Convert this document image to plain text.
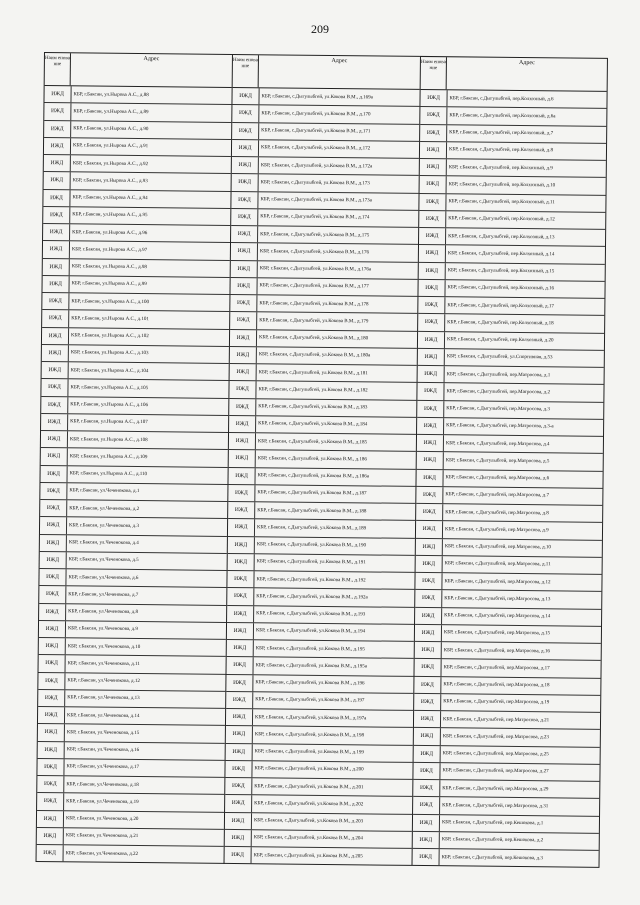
209
Наим енова ние
Адрес
ИЖД	КБР, г.Баксан, ул.Нырова А.С., д.88
ИЖД	КБР, г.Баксан, ул.Нырова А.С., д.89
ИЖД	КБР, г.Баксан, ул.Нырова А.С., д.90
ИЖД	КБР, г.Баксан, ул.Нырова А.С., д.91
ИЖД	КБР, г.Баксан, ул.Нырова А.С., д.92
ИЖД	КБР, г.Баксан, ул.Нырова А.С., д.93
ИЖД	КБР, г.Баксан, ул.Нырова А.С., д.94
ИЖД	КБР, г.Баксан, ул.Нырова А.С., д.95
ИЖД	КБР, г.Баксан, ул.Нырова А.С., д.96
ИЖД	КБР, г.Баксан, ул.Нырова А.С., д.97
ИЖД	КБР, г.Баксан, ул.Нырова А.С., д.98
ИЖД	КБР, г.Баксан, ул.Нырова А.С., д.99
ИЖД	КБР, г.Баксан, ул.Нырова А.С., д.100
ИЖД	КБР, г.Баксан, ул.Нырова А.С., д.101
ИЖД	КБР, г.Баксан, ул.Нырова А.С., д.102
ИЖД	КБР, г.Баксан, ул.Нырова А.С., д.103
ИЖД	КБР, г.Баксан, ул.Нырова А.С., д.104
ИЖД	КБР, г.Баксан, ул.Нырова А.С., д.105
ИЖД	КБР, г.Баксан, ул.Нырова А.С., д.106
ИЖД	КБР, г.Баксан, ул.Нырова А.С., д.107
ИЖД	КБР, г.Баксан, ул.Нырова А.С., д.108
ИЖД	КБР, г.Баксан, ул.Нырова А.С., д.109
ИЖД	КБР, г.Баксан, ул.Нырова А.С., д.110
ИЖД	КБР, г.Баксан, ул.Чеченокова, д.1
ИЖД	КБР, г.Баксан, ул.Чеченокова, д.2
ИЖД	КБР, г.Баксан, ул.Чеченокова, д.3
ИЖД	КБР, г.Баксан, ул.Чеченокова, д.4
ИЖД	КБР, г.Баксан, ул.Чеченокова, д.5
ИЖД	КБР, г.Баксан, ул.Чеченокова, д.6
ИЖД	КБР, г.Баксан, ул.Чеченокова, д.7
ИЖД	КБР, г.Баксан, ул.Чеченокова, д.8
ИЖД	КБР, г.Баксан, ул.Чеченокова, д.9
ИЖД	КБР, г.Баксан, ул.Чеченокова, д.10
ИЖД	КБР, г.Баксан, ул.Чеченокова, д.11
ИЖД	КБР, г.Баксан, ул.Чеченокова, д.12
ИЖД	КБР, г.Баксан, ул.Чеченокова, д.13
ИЖД	КБР, г.Баксан, ул.Чеченокова, д.14
ИЖД	КБР, г.Баксан, ул.Чеченокова, д.15
ИЖД	КБР, г.Баксан, ул.Чеченокова, д.16
ИЖД	КБР, г.Баксан, ул.Чеченокова, д.17
ИЖД	КБР, г.Баксан, ул.Чеченокова, д.18
ИЖД	КБР, г.Баксан, ул.Чеченокова, д.19
ИЖД	КБР, г.Баксан, ул.Чеченокова, д.20
ИЖД	КБР, г.Баксан, ул.Чеченокова, д.21
ИЖД	КБР, г.Баксан, ул.Чеченокова, д.22
Наим енова ние
Адрес
ИЖД	КБР, г.Баксан, с.Дыгулыбгей, ул.Кокова В.М., д.169а
ИЖД	КБР, г.Баксан, с.Дыгулыбгей, ул.Кокова В.М., д.170
ИЖД	КБР, г.Баксан, с.Дыгулыбгей, ул.Кокова В.М., д.171
ИЖД	КБР, г.Баксан, с.Дыгулыбгей, ул.Кокова В.М., д.172
ИЖД	КБР, г.Баксан, с.Дыгулыбгей, ул.Кокова В.М., д.172а
ИЖД	КБР, г.Баксан, с.Дыгулыбгей, ул.Кокова В.М., д.173
ИЖД	КБР, г.Баксан, с.Дыгулыбгей, ул.Кокова В.М., д.173а
ИЖД	КБР, г.Баксан, с.Дыгулыбгей, ул.Кокова В.М., д.174
ИЖД	КБР, г.Баксан, с.Дыгулыбгей, ул.Кокова В.М., д.175
ИЖД	КБР, г.Баксан, с.Дыгулыбгей, ул.Кокова В.М., д.176
ИЖД	КБР, г.Баксан, с.Дыгулыбгей, ул.Кокова В.М., д.176а
ИЖД	КБР, г.Баксан, с.Дыгулыбгей, ул.Кокова В.М., д.177
ИЖД	КБР, г.Баксан, с.Дыгулыбгей, ул.Кокова В.М., д.178
ИЖД	КБР, г.Баксан, с.Дыгулыбгей, ул.Кокова В.М., д.179
ИЖД	КБР, г.Баксан, с.Дыгулыбгей, ул.Кокова В.М., д.180
ИЖД	КБР, г.Баксан, с.Дыгулыбгей, ул.Кокова В.М., д.180а
ИЖД	КБР, г.Баксан, с.Дыгулыбгей, ул.Кокова В.М., д.181
ИЖД	КБР, г.Баксан, с.Дыгулыбгей, ул.Кокова В.М., д.182
ИЖД	КБР, г.Баксан, с.Дыгулыбгей, ул.Кокова В.М., д.183
ИЖД	КБР, г.Баксан, с.Дыгулыбгей, ул.Кокова В.М., д.184
ИЖД	КБР, г.Баксан, с.Дыгулыбгей, ул.Кокова В.М., д.185
ИЖД	КБР, г.Баксан, с.Дыгулыбгей, ул.Кокова В.М., д.186
ИЖД	КБР, г.Баксан, с.Дыгулыбгей, ул.Кокова В.М., д.186а
ИЖД	КБР, г.Баксан, с.Дыгулыбгей, ул.Кокова В.М., д.187
ИЖД	КБР, г.Баксан, с.Дыгулыбгей, ул.Кокова В.М., д.188
ИЖД	КБР, г.Баксан, с.Дыгулыбгей, ул.Кокова В.М., д.189
ИЖД	КБР, г.Баксан, с.Дыгулыбгей, ул.Кокова В.М., д.190
ИЖД	КБР, г.Баксан, с.Дыгулыбгей, ул.Кокова В.М., д.191
ИЖД	КБР, г.Баксан, с.Дыгулыбгей, ул.Кокова В.М., д.192
ИЖД	КБР, г.Баксан, с.Дыгулыбгей, ул.Кокова В.М., д.192а
ИЖД	КБР, г.Баксан, с.Дыгулыбгей, ул.Кокова В.М., д.193
ИЖД	КБР, г.Баксан, с.Дыгулыбгей, ул.Кокова В.М., д.194
ИЖД	КБР, г.Баксан, с.Дыгулыбгей, ул.Кокова В.М., д.195
ИЖД	КБР, г.Баксан, с.Дыгулыбгей, ул.Кокова В.М., д.195а
ИЖД	КБР, г.Баксан, с.Дыгулыбгей, ул.Кокова В.М., д.196
ИЖД	КБР, г.Баксан, с.Дыгулыбгей, ул.Кокова В.М., д.197
ИЖД	КБР, г.Баксан, с.Дыгулыбгей, ул.Кокова В.М., д.197а
ИЖД	КБР, г.Баксан, с.Дыгулыбгей, ул.Кокова В.М., д.198
ИЖД	КБР, г.Баксан, с.Дыгулыбгей, ул.Кокова В.М., д.199
ИЖД	КБР, г.Баксан, с.Дыгулыбгей, ул.Кокова В.М., д.200
ИЖД	КБР, г.Баксан, с.Дыгулыбгей, ул.Кокова В.М., д.201
ИЖД	КБР, г.Баксан, с.Дыгулыбгей, ул.Кокова В.М., д.202
ИЖД	КБР, г.Баксан, с.Дыгулыбгей, ул.Кокова В.М., д.203
ИЖД	КБР, г.Баксан, с.Дыгулыбгей, ул.Кокова В.М., д.204
ИЖД	КБР, г.Баксан, с.Дыгулыбгей, ул.Кокова В.М., д.205
Наим енова ние
Адрес
ИЖД	КБР, г.Баксан, с.Дыгулыбгей, пер.Колхозный, д.6
ИЖД	КБР, г.Баксан, с.Дыгулыбгей, пер.Колхозный, д.6а
ИЖД	КБР, г.Баксан, с.Дыгулыбгей, пер.Колхозный, д.7
ИЖД	КБР, г.Баксан, с.Дыгулыбгей, пер.Колхозный, д.8
ИЖД	КБР, г.Баксан, с.Дыгулыбгей, пер.Колхозный, д.9
ИЖД	КБР, г.Баксан, с.Дыгулыбгей, пер.Колхозный, д.10
ИЖД	КБР, г.Баксан, с.Дыгулыбгей, пер.Колхозный, д.11
ИЖД	КБР, г.Баксан, с.Дыгулыбгей, пер.Колхозный, д.12
ИЖД	КБР, г.Баксан, с.Дыгулыбгей, пер.Колхозный, д.13
ИЖД	КБР, г.Баксан, с.Дыгулыбгей, пер.Колхозный, д.14
ИЖД	КБР, г.Баксан, с.Дыгулыбгей, пер.Колхозный, д.15
ИЖД	КБР, г.Баксан, с.Дыгулыбгей, пер.Колхозный, д.16
ИЖД	КБР, г.Баксан, с.Дыгулыбгей, пер.Колхозный, д.17
ИЖД	КБР, г.Баксан, с.Дыгулыбгей, пер.Колхозный, д.18
ИЖД	КБР, г.Баксан, с.Дыгулыбгей, пер.Колхозный, д.20
ИЖД	КБР, г.Баксан, с.Дыгулыбгей, ул.Спортивная, д.53
ИЖД	КБР, г.Баксан, с.Дыгулыбгей, пер.Матросова, д.1
ИЖД	КБР, г.Баксан, с.Дыгулыбгей, пер.Матросова, д.2
ИЖД	КБР, г.Баксан, с.Дыгулыбгей, пер.Матросова, д.3
ИЖД	КБР, г.Баксан, с.Дыгулыбгей, пер.Матросова, д.3-а
ИЖД	КБР, г.Баксан, с.Дыгулыбгей, пер.Матросова, д.4
ИЖД	КБР, г.Баксан, с.Дыгулыбгей, пер.Матросова, д.5
ИЖД	КБР, г.Баксан, с.Дыгулыбгей, пер.Матросова, д.6
ИЖД	КБР, г.Баксан, с.Дыгулыбгей, пер.Матросова, д.7
ИЖД	КБР, г.Баксан, с.Дыгулыбгей, пер.Матросова, д.8
ИЖД	КБР, г.Баксан, с.Дыгулыбгей, пер.Матросова, д.9
ИЖД	КБР, г.Баксан, с.Дыгулыбгей, пер.Матросова, д.10
ИЖД	КБР, г.Баксан, с.Дыгулыбгей, пер.Матросова, д.11
ИЖД	КБР, г.Баксан, с.Дыгулыбгей, пер.Матросова, д.12
ИЖД	КБР, г.Баксан, с.Дыгулыбгей, пер.Матросова, д.13
ИЖД	КБР, г.Баксан, с.Дыгулыбгей, пер.Матросова, д.14
ИЖД	КБР, г.Баксан, с.Дыгулыбгей, пер.Матросова, д.15
ИЖД	КБР, г.Баксан, с.Дыгулыбгей, пер.Матросова, д.16
ИЖД	КБР, г.Баксан, с.Дыгулыбгей, пер.Матросова, д.17
ИЖД	КБР, г.Баксан, с.Дыгулыбгей, пер.Матросова, д.18
ИЖД	КБР, г.Баксан, с.Дыгулыбгей, пер.Матросова, д.19
ИЖД	КБР, г.Баксан, с.Дыгулыбгей, пер.Матросова, д.21
ИЖД	КБР, г.Баксан, с.Дыгулыбгей, пер.Матросова, д.23
ИЖД	КБР, г.Баксан, с.Дыгулыбгей, пер.Матросова, д.25
ИЖД	КБР, г.Баксан, с.Дыгулыбгей, пер.Матросова, д.27
ИЖД	КБР, г.Баксан, с.Дыгулыбгей, пер.Матросова, д.29
ИЖД	КБР, г.Баксан, с.Дыгулыбгей, пер.Матросова, д.31
ИЖД	КБР, г.Баксан, с.Дыгулыбгей, пер.Кешокова, д.1
ИЖД	КБР, г.Баксан, с.Дыгулыбгей, пер.Кешокова, д.2
ИЖД	КБР, г.Баксан, с.Дыгулыбгей, пер.Кешокова, д.3
